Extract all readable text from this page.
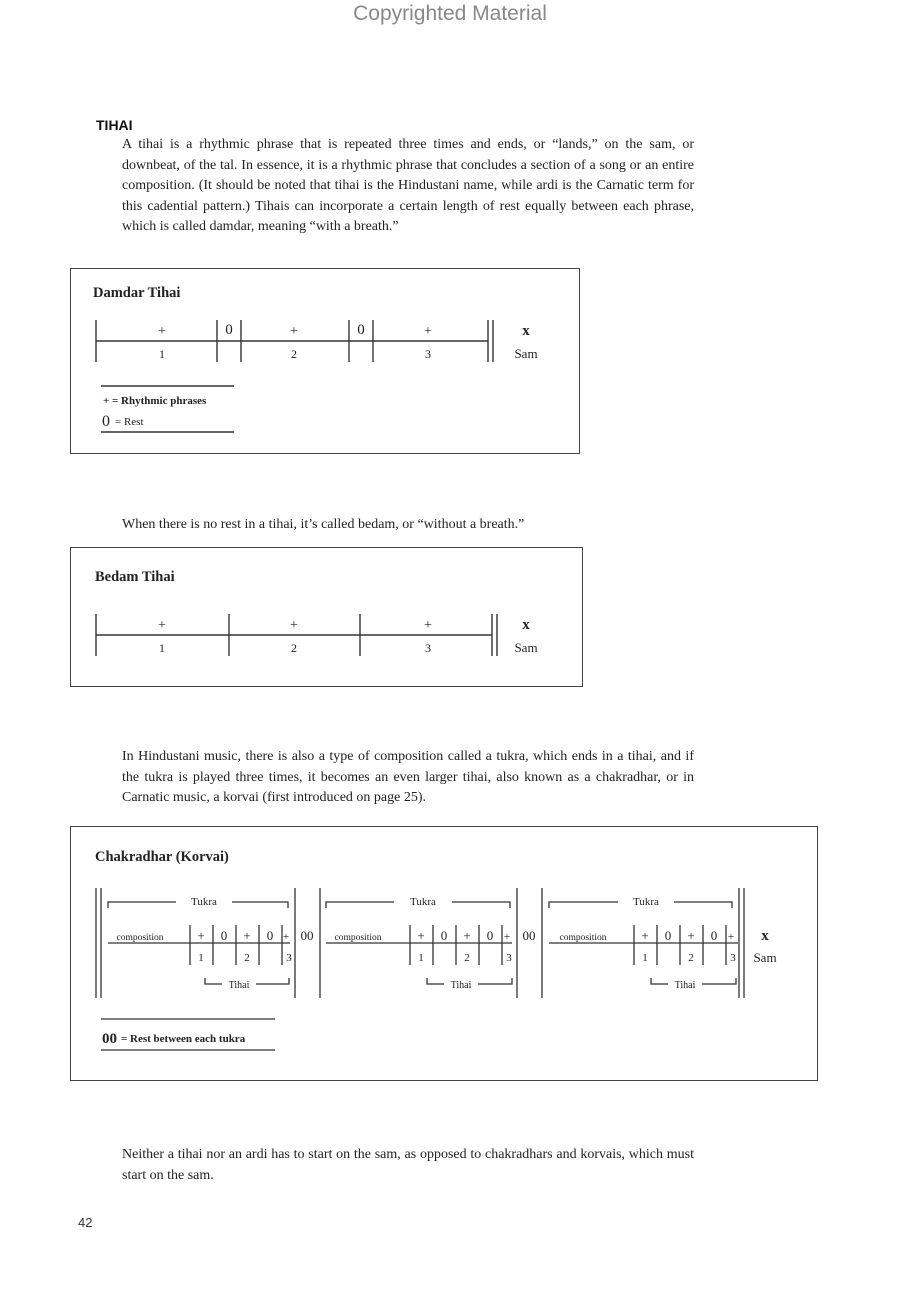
Copyrighted Material
TIHAI

A tihai is a rhythmic phrase that is repeated three times and ends, or “lands,” on the sam, or downbeat, of the tal. In essence, it is a rhythmic phrase that concludes a section of a song or an entire composition. (It should be noted that tihai is the Hindustani name, while ardi is the Carnatic term for this cadential pattern.) Tihais can incorporate a certain length of rest equally between each phrase, which is called damdar, meaning “with a breath.”

Damdar Tihai
+	0	+	0	+
1	2	3
x
Sam
+ = Rhythmic phrases
0 = Rest

When there is no rest in a tihai, it’s called bedam, or “without a breath.”

Bedam Tihai
+	+	+
1	2	3
x
Sam

In Hindustani music, there is also a type of composition called a tukra, which ends in a tihai, and if the tukra is played three times, it becomes an even larger tihai, also known as a chakradhar, or in Carnatic music, a korvai (first introduced on page 25).

Chakradhar (Korvai)
Tukra	Tukra	Tukra
composition	composition	composition
+ 0 + 0 + 00	+ 0 + 0 + 00	+ 0 + 0 +
1	2	3	1	2	3	1	2	3
Tihai	Tihai	Tihai
x
Sam
00 = Rest between each tukra

Neither a tihai nor an ardi has to start on the sam, as opposed to chakradhars and korvais, which must start on the sam.

42
